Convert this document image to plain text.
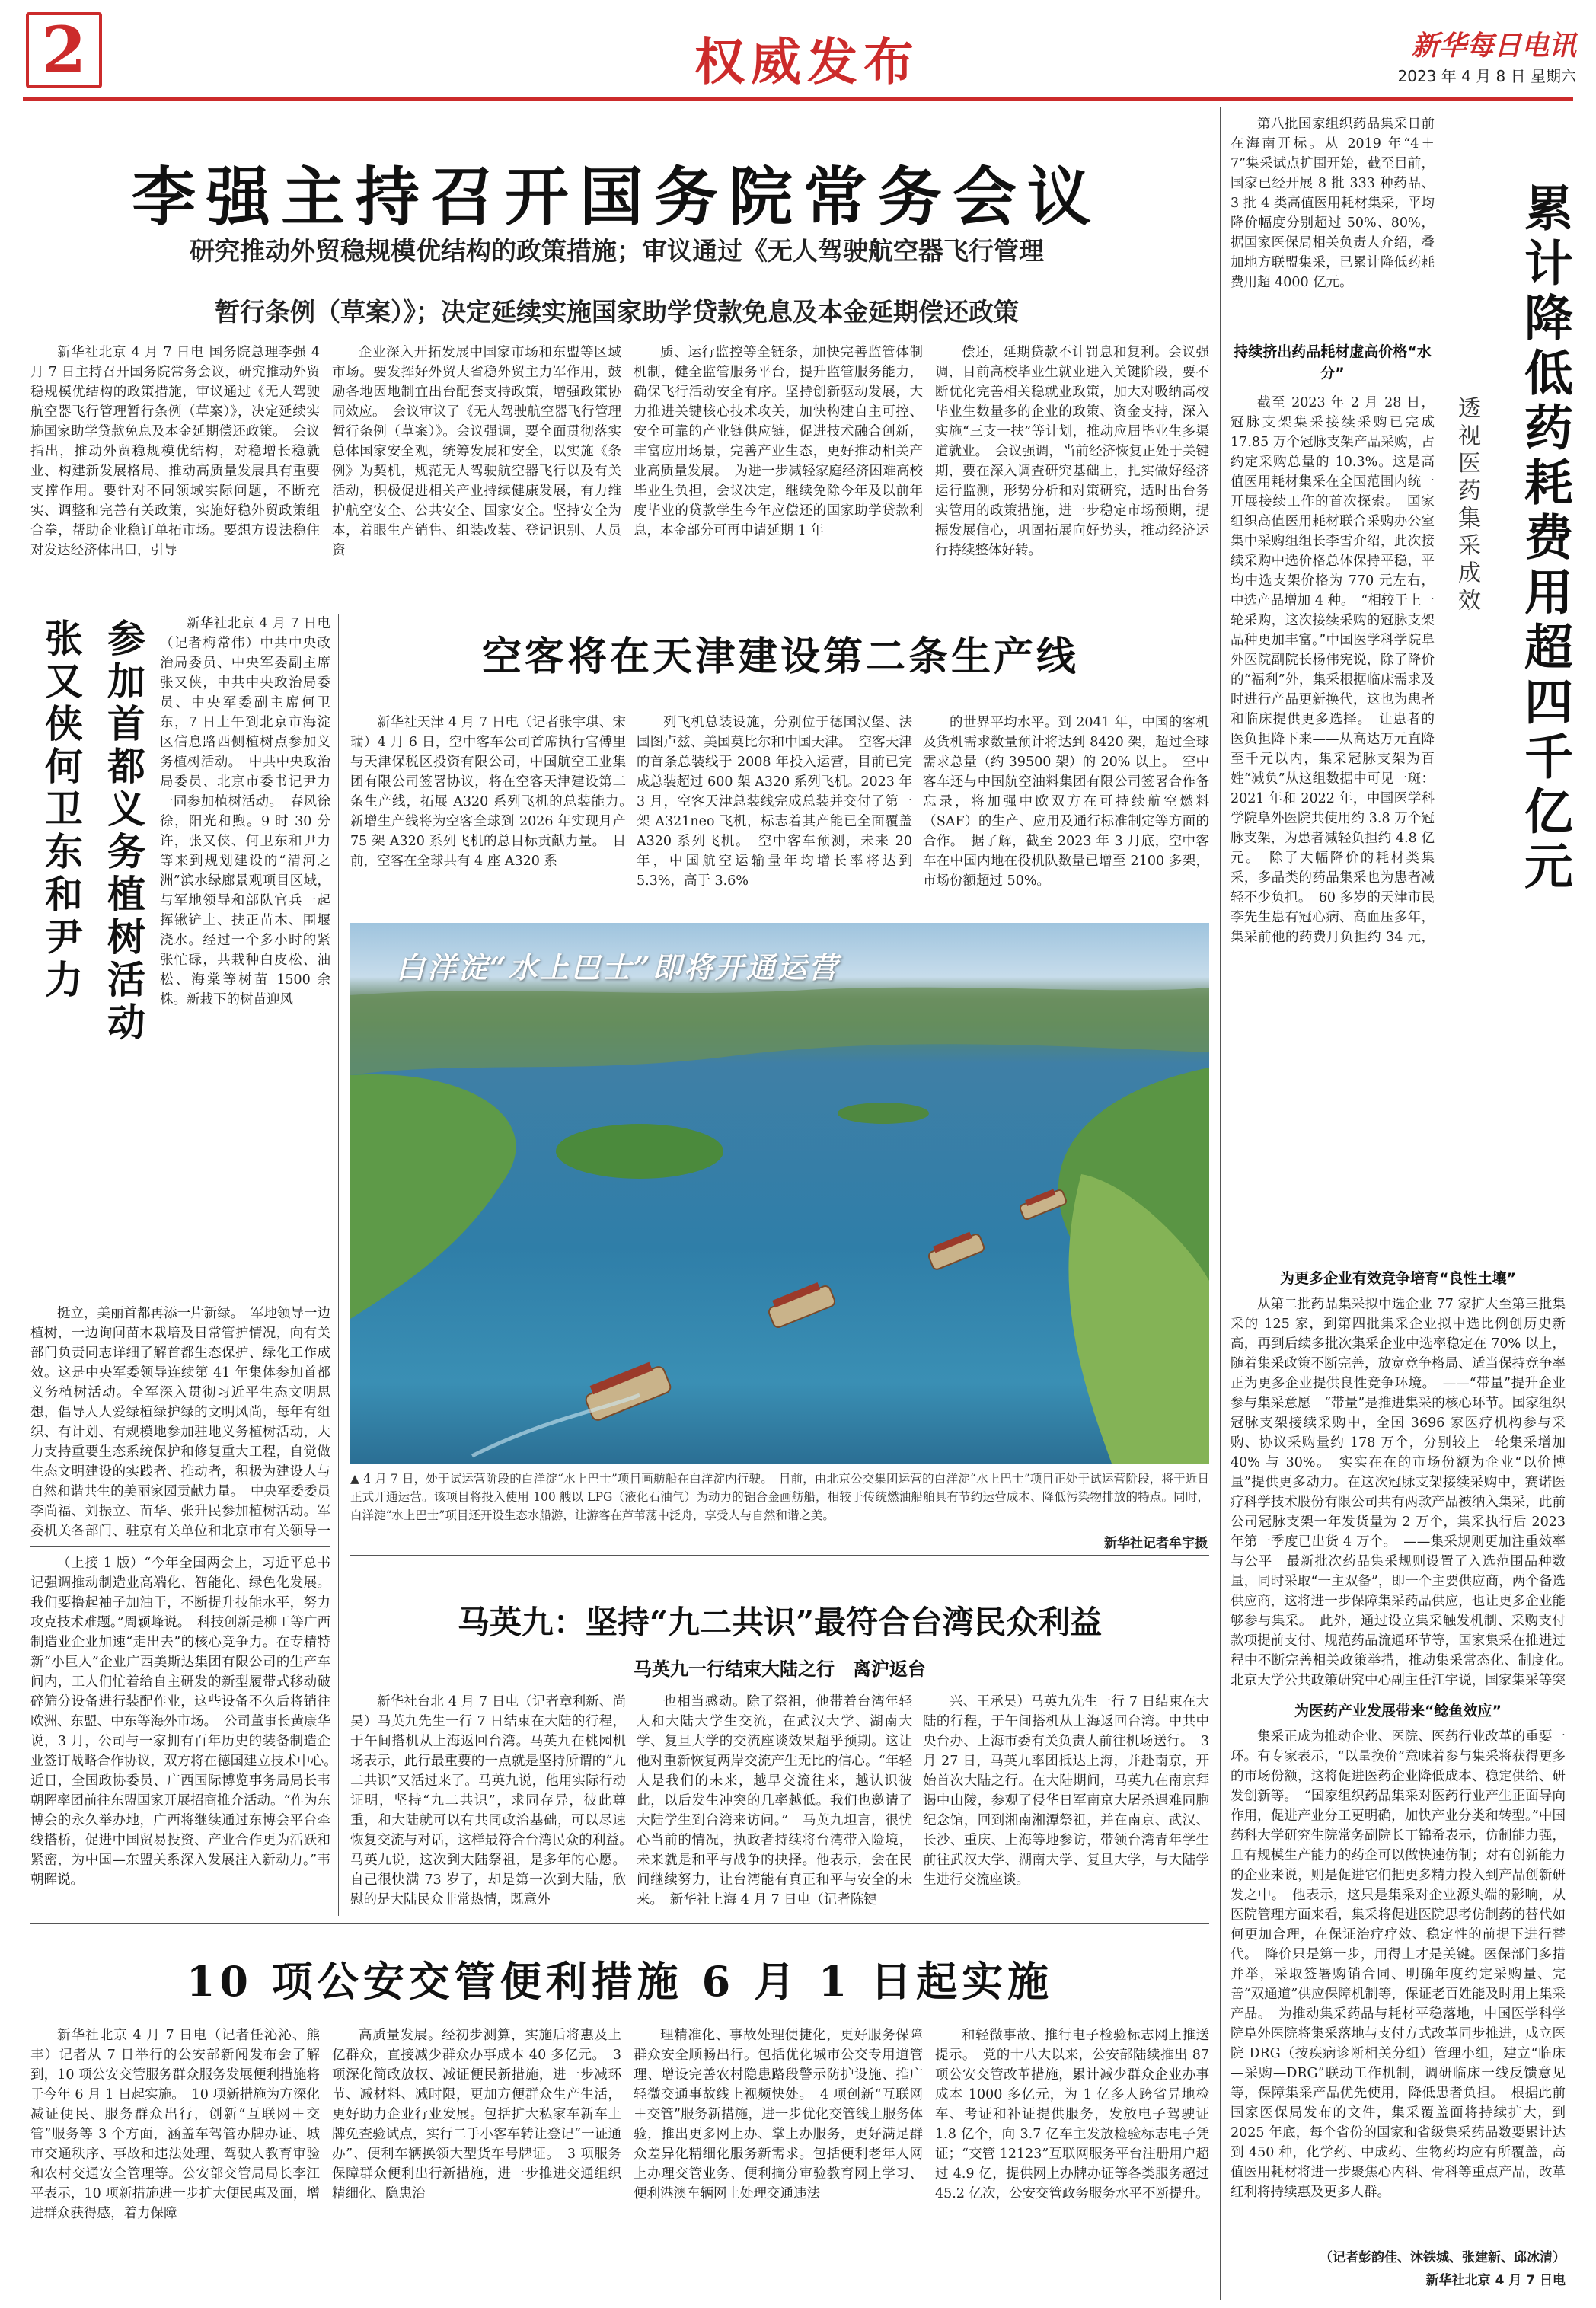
2	权威发布	新华每日电讯
2023 年 4 月 8 日 星期六
李强主持召开国务院常务会议
研究推动外贸稳规模优结构的政策措施；审议通过《无人驾驶航空器飞行管理
暂行条例（草案）》；决定延续实施国家助学贷款免息及本金延期偿还政策

新华社北京 4 月 7 日电 国务院总理李强 4 月 7 日主持召开国务院常务会议，研究推动外贸稳规模优结构的政策措施，审议通过《无人驾驶航空器飞行管理暂行条例（草案）》，决定延续实施国家助学贷款免息及本金延期偿还政策。　会议指出，推动外贸稳规模优结构，对稳增长稳就业、构建新发展格局、推动高质量发展具有重要支撑作用。要针对不同领域实际问题，不断充实、调整和完善有关政策，实施好稳外贸政策组合拳，帮助企业稳订单拓市场。要想方设法稳住对发达经济体出口，引导

企业深入开拓发展中国家市场和东盟等区域市场。要发挥好外贸大省稳外贸主力军作用，鼓励各地因地制宜出台配套支持政策，增强政策协同效应。　会议审议了《无人驾驶航空器飞行管理暂行条例（草案）》。会议强调，要全面贯彻落实总体国家安全观，统筹发展和安全，以实施《条例》为契机，规范无人驾驶航空器飞行以及有关活动，积极促进相关产业持续健康发展，有力维护航空安全、公共安全、国家安全。坚持安全为本，着眼生产销售、组装改装、登记识别、人员资

质、运行监控等全链条，加快完善监管体制机制，健全监管服务平台，提升监管服务能力，确保飞行活动安全有序。坚持创新驱动发展，大力推进关键核心技术攻关，加快构建自主可控、安全可靠的产业链供应链，促进技术融合创新，丰富应用场景，完善产业生态，更好推动相关产业高质量发展。　为进一步减轻家庭经济困难高校毕业生负担，会议决定，继续免除今年及以前年度毕业的贷款学生今年应偿还的国家助学贷款利息，本金部分可再申请延期 1 年

偿还，延期贷款不计罚息和复利。会议强调，目前高校毕业生就业进入关键阶段，要不断优化完善相关稳就业政策，加大对吸纳高校毕业生数量多的企业的政策、资金支持，深入实施“三支一扶”等计划，推动应届毕业生多渠道就业。　会议强调，当前经济恢复正处于关键期，要在深入调查研究基础上，扎实做好经济运行监测，形势分析和对策研究，适时出台务实管用的政策措施，进一步稳定市场预期，提振发展信心，巩固拓展向好势头，推动经济运行持续整体好转。

张又侠何卫东和尹力 参加首都义务植树活动	新华社北京 4 月 7 日电（记者梅常伟）中共中央政治局委员、中央军委副主席张又侠，中共中央政治局委员、中央军委副主席何卫东，7 日上午到北京市海淀区信息路西侧植树点参加义务植树活动。　中共中央政治局委员、北京市委书记尹力一同参加植树活动。　春风徐徐，阳光和煦。9 时 30 分许，张又侠、何卫东和尹力等来到规划建设的“清河之洲”滨水绿廊景观项目区域，与军地领导和部队官兵一起挥锹铲土、扶正苗木、围堰浇水。经过一个多小时的紧张忙碌，共栽种白皮松、油松、海棠等树苗 1500 余株。新栽下的树苗迎风

挺立，美丽首都再添一片新绿。　军地领导一边植树，一边询问苗木栽培及日常管护情况，向有关部门负责同志详细了解首都生态保护、绿化工作成效。这是中央军委领导连续第 41 年集体参加首都义务植树活动。全军深入贯彻习近平生态文明思想，倡导人人爱绿植绿护绿的文明风尚，每年有组织、有计划、有规模地参加驻地义务植树活动，大力支持重要生态系统保护和修复重大工程，自觉做生态文明建设的实践者、推动者，积极为建设人与自然和谐共生的美丽家园贡献力量。　中央军委委员李尚福、刘振立、苗华、张升民参加植树活动。军委机关各部门、驻京有关单位和北京市有关领导一

（上接 1 版）“今年全国两会上，习近平总书记强调推动制造业高端化、智能化、绿色化发展。我们要撸起袖子加油干，不断提升技能水平，努力攻克技术难题。”周颖峰说。　科技创新是柳工等广西制造业企业加速“走出去”的核心竞争力。在专精特新“小巨人”企业广西美斯达集团有限公司的生产车间内，工人们忙着给自主研发的新型履带式移动破碎筛分设备进行装配作业，这些设备不久后将销往欧洲、东盟、中东等海外市场。　公司董事长黄康华说，3 月，公司与一家拥有百年历史的装备制造企业签订战略合作协议，双方将在德国建立技术中心。　近日，全国政协委员、广西国际博览事务局局长韦朝晖率团前往东盟国家开展招商推介活动。“作为东博会的永久举办地，广西将继续通过东博会平台牵线搭桥，促进中国贸易投资、产业合作更为活跃和紧密，为中国—东盟关系深入发展注入新动力。”韦朝晖说。

空客将在天津建设第二条生产线

新华社天津 4 月 7 日电（记者张宇琪、宋瑞）4 月 6 日，空中客车公司首席执行官傅里与天津保税区投资有限公司，中国航空工业集团有限公司签署协议，将在空客天津建设第二条生产线，拓展 A320 系列飞机的总装能力。　新增生产线将为空客全球到 2026 年实现月产 75 架 A320 系列飞机的总目标贡献力量。　目前，空客在全球共有 4 座 A320 系

列飞机总装设施，分别位于德国汉堡、法国图卢兹、美国莫比尔和中国天津。　空客天津的首条总装线于 2008 年投入运营，目前已完成总装超过 600 架 A320 系列飞机。2023 年 3 月，空客天津总装线完成总装并交付了第一架 A321neo 飞机，标志着其产能已全面覆盖 A320 系列飞机。　空中客车预测，未来 20 年，中国航空运输量年均增长率将达到 5.3%，高于 3.6%

的世界平均水平。到 2041 年，中国的客机及货机需求数量预计将达到 8420 架，超过全球需求总量（约 39500 架）的 20% 以上。　空中客车还与中国航空油料集团有限公司签署合作备忘录，将加强中欧双方在可持续航空燃料（SAF）的生产、应用及通行标准制定等方面的合作。　据了解，截至 2023 年 3 月底，空中客车在中国内地在役机队数量已增至 2100 多架，市场份额超过 50%。

白洋淀“水上巴士”即将开通运营
▲ 4 月 7 日，处于试运营阶段的白洋淀“水上巴士”项目画舫船在白洋淀内行驶。　目前，由北京公交集团运营的白洋淀“水上巴士”项目正处于试运营阶段，将于近日正式开通运营。该项目将投入使用 100 艘以 LPG（液化石油气）为动力的铝合金画舫船，相较于传统燃油船舶具有节约运营成本、降低污染物排放的特点。同时，白洋淀“水上巴士”项目还开设生态水船游，让游客在芦苇荡中泛舟，享受人与自然和谐之美。
新华社记者牟宇摄
马英九：坚持“九二共识”最符合台湾民众利益
马英九一行结束大陆之行　离沪返台

新华社台北 4 月 7 日电（记者章利新、尚昊）马英九先生一行 7 日结束在大陆的行程，于午间搭机从上海返回台湾。马英九在桃园机场表示，此行最重要的一点就是坚持所谓的“九二共识”又活过来了。马英九说，他用实际行动证明，坚持“九二共识”，求同存异，彼此尊重，和大陆就可以有共同政治基础，可以尽速恢复交流与对话，这样最符合台湾民众的利益。　马英九说，这次到大陆祭祖，是多年的心愿。自己很快满 73 岁了，却是第一次到大陆，欣慰的是大陆民众非常热情，既意外

也相当感动。除了祭祖，他带着台湾年轻人和大陆大学生交流，在武汉大学、湖南大学、复旦大学的交流座谈效果超乎预期。这让他对重新恢复两岸交流产生无比的信心。“年轻人是我们的未来，越早交流往来，越认识彼此，以后发生冲突的几率越低。我们也邀请了大陆学生到台湾来访问。”　马英九坦言，很忧心当前的情况，执政者持续将台湾带入险境，未来就是和平与战争的抉择。他表示，会在民间继续努力，让台湾能有真正和平与安全的未来。　新华社上海 4 月 7 日电（记者陈键

兴、王承昊）马英九先生一行 7 日结束在大陆的行程，于午间搭机从上海返回台湾。中共中央台办、上海市委有关负责人前往机场送行。　3 月 27 日，马英九率团抵达上海，并赴南京，开始首次大陆之行。在大陆期间，马英九在南京拜谒中山陵，参观了侵华日军南京大屠杀遇难同胞纪念馆，回到湘南湘潭祭祖，并在南京、武汉、长沙、重庆、上海等地参访，带领台湾青年学生前往武汉大学、湖南大学、复旦大学，与大陆学生进行交流座谈。

10 项公安交管便利措施 6 月 1 日起实施

新华社北京 4 月 7 日电（记者任沁沁、熊丰）记者从 7 日举行的公安部新闻发布会了解到，10 项公安交管服务群众服务发展便利措施将于今年 6 月 1 日起实施。　10 项新措施为方深化减证便民、服务群众出行，创新“互联网＋交管”服务等 3 个方面，涵盖车驾管办牌办证、城市交通秩序、事故和违法处理、驾驶人教育审验和农村交通安全管理等。公安部交管局局长李江平表示，10 项新措施进一步扩大便民惠及面，增进群众获得感，着力保障

高质量发展。经初步测算，实施后将惠及上亿群众，直接减少群众办事成本 40 多亿元。　3 项深化简政放权、减证便民新措施，进一步减环节、减材料、减时限，更加方便群众生产生活，更好助力企业行业发展。包括扩大私家车新车上牌免查验试点，实行二手小客车转让登记“一证通办”、便利车辆换领大型货车号牌证。　3 项服务保障群众便利出行新措施，进一步推进交通组织精细化、隐患治

理精准化、事故处理便捷化，更好服务保障群众安全顺畅出行。包括优化城市公交专用道管理、增设完善农村隐患路段警示防护设施、推广轻微交通事故线上视频快处。　4 项创新“互联网＋交管”服务新措施，进一步优化交管线上服务体验，推出更多网上办、掌上办服务，更好满足群众差异化精细化服务新需求。包括便利老年人网上办理交管业务、便利摘分审验教育网上学习、便利港澳车辆网上处理交通违法

和轻微事故、推行电子检验标志网上推送提示。　党的十八大以来，公安部陆续推出 87 项公安交管改革措施，累计减少群众企业办事成本 1000 多亿元，为 1 亿多人跨省异地检车、考证和补证提供服务，发放电子驾驶证 1.8 亿个，向 3.7 亿车主发放检验标志电子凭证；“交管 12123”互联网服务平台注册用户超过 4.9 亿，提供网上办牌办证等各类服务超过 45.2 亿次，公安交管政务服务水平不断提升。

第八批国家组织药品集采日前在海南开标。从 2019 年“4＋7”集采试点扩围开始，截至目前，国家已经开展 8 批 333 种药品、3 批 4 类高值医用耗材集采，平均降价幅度分别超过 50%、80%，据国家医保局相关负责人介绍，叠加地方联盟集采，已累计降低药耗费用超 4000 亿元。	累计降低药耗费用超四千亿元
透视医药集采成效
持续挤出药品耗材虚高价格“水分”

截至 2023 年 2 月 28 日，冠脉支架集采接续采购已完成 17.85 万个冠脉支架产品采购，占约定采购总量的 10.3%。这是高值医用耗材集采在全国范围内统一开展接续工作的首次探索。　国家组织高值医用耗材联合采购办公室集中采购组组长李雪介绍，此次接续采购中选价格总体保持平稳，平均中选支架价格为 770 元左右，中选产品增加 4 种。　“相较于上一轮采购，这次接续采购的冠脉支架品种更加丰富。”中国医学科学院阜外医院副院长杨伟宪说，除了降价的“福利”外，集采根据临床需求及时进行产品更新换代，这也为患者和临床提供更多选择。　让患者的医负担降下来——从高达万元直降至千元以内，集采冠脉支架为百姓“减负”从这组数据中可见一斑：2021 年和 2022 年，中国医学科学院阜外医院共使用约 3.8 万个冠脉支架，为患者减轻负担约 4.8 亿元。　除了大幅降价的耗材类集采，多品类的药品集采也为患者减轻不少负担。　60 多岁的天津市民李先生患有冠心病、高血压多年，集采前他的药费月负担约 34 元， 　　

为更多企业有效竞争培育“良性土壤”

从第二批药品集采拟中选企业 77 家扩大至第三批集采的 125 家，到第四批集采企业拟中选比例创历史新高，再到后续多批次集采企业中选率稳定在 70% 以上，随着集采政策不断完善，放宽竞争格局、适当保持竞争率正为更多企业提供良性竞争环境。　——“带量”提升企业参与集采意愿　“带量”是推进集采的核心环节。国家组织冠脉支架接续采购中，全国 3696 家医疗机构参与采购、协议采购量约 178 万个，分别较上一轮集采增加 40% 与 30%。　实实在在的市场份额为企业“以价博量”提供更多动力。在这次冠脉支架接续采购中，赛诺医疗科学技术股份有限公司共有两款产品被纳入集采，此前公司冠脉支架一年发货量为 2 万个，集采执行后 2023 年第一季度已出货 4 万个。　——集采规则更加注重效率与公平　最新批次药品集采规则设置了入选范围品种数量，同时采取“一主双备”，即一个主要供应商，两个备选供应商，这将进一步保障集采药品供应，也让更多企业能够参与集采。　此外，通过设立集采触发机制、采购支付款项提前支付、规范药品流通环节等，国家集采在推进过程中不断完善相关政策举措，推动集采常态化、制度化。　北京大学公共政策研究中心副主任江宇说，国家集采等突

为医药产业发展带来“鲶鱼效应”

集采正成为推动企业、医院、医药行业改革的重要一环。有专家表示，“以量换价”意味着参与集采将获得更多的市场份额，这将促进医药企业降低成本、稳定供给、研发创新等。　“国家组织药品集采对医药行业产生正面导向作用，促进产业分工更明确，加快产业分类和转型。”中国药科大学研究生院常务副院长丁锦希表示，仿制能力强，且有规模生产能力的药企可以做快速仿制；对有创新能力的企业来说，则是促进它们把更多精力投入到产品创新研发之中。　他表示，这只是集采对企业源头端的影响，从医院管理方面来看，集采将促进医院思考仿制药的替代如何更加合理，在保证治疗疗效、稳定性的前提下进行替代。　降价只是第一步，用得上才是关键。医保部门多措并举，采取签署购销合同、明确年度约定采购量、完善“双通道”供应保障机制等，保证老百姓能及时用上集采产品。　为推动集采药品与耗材平稳落地，中国医学科学院阜外医院将集采落地与支付方式改革同步推进，成立医院 DRG（按疾病诊断相关分组）管理小组，建立“临床—采购—DRG”联动工作机制，调研临床一线反馈意见等，保障集采产品优先使用，降低患者负担。　根据此前国家医保局发布的文件，集采覆盖面将持续扩大，到 2025 年底，每个省份的国家和省级集采药品数要累计达到 450 种，化学药、中成药、生物药均应有所覆盖，高值医用耗材将进一步聚焦心内科、骨科等重点产品，改革红利将持续惠及更多人群。

（记者彭韵佳、沐铁城、张建新、邱冰清）
新华社北京 4 月 7 日电
